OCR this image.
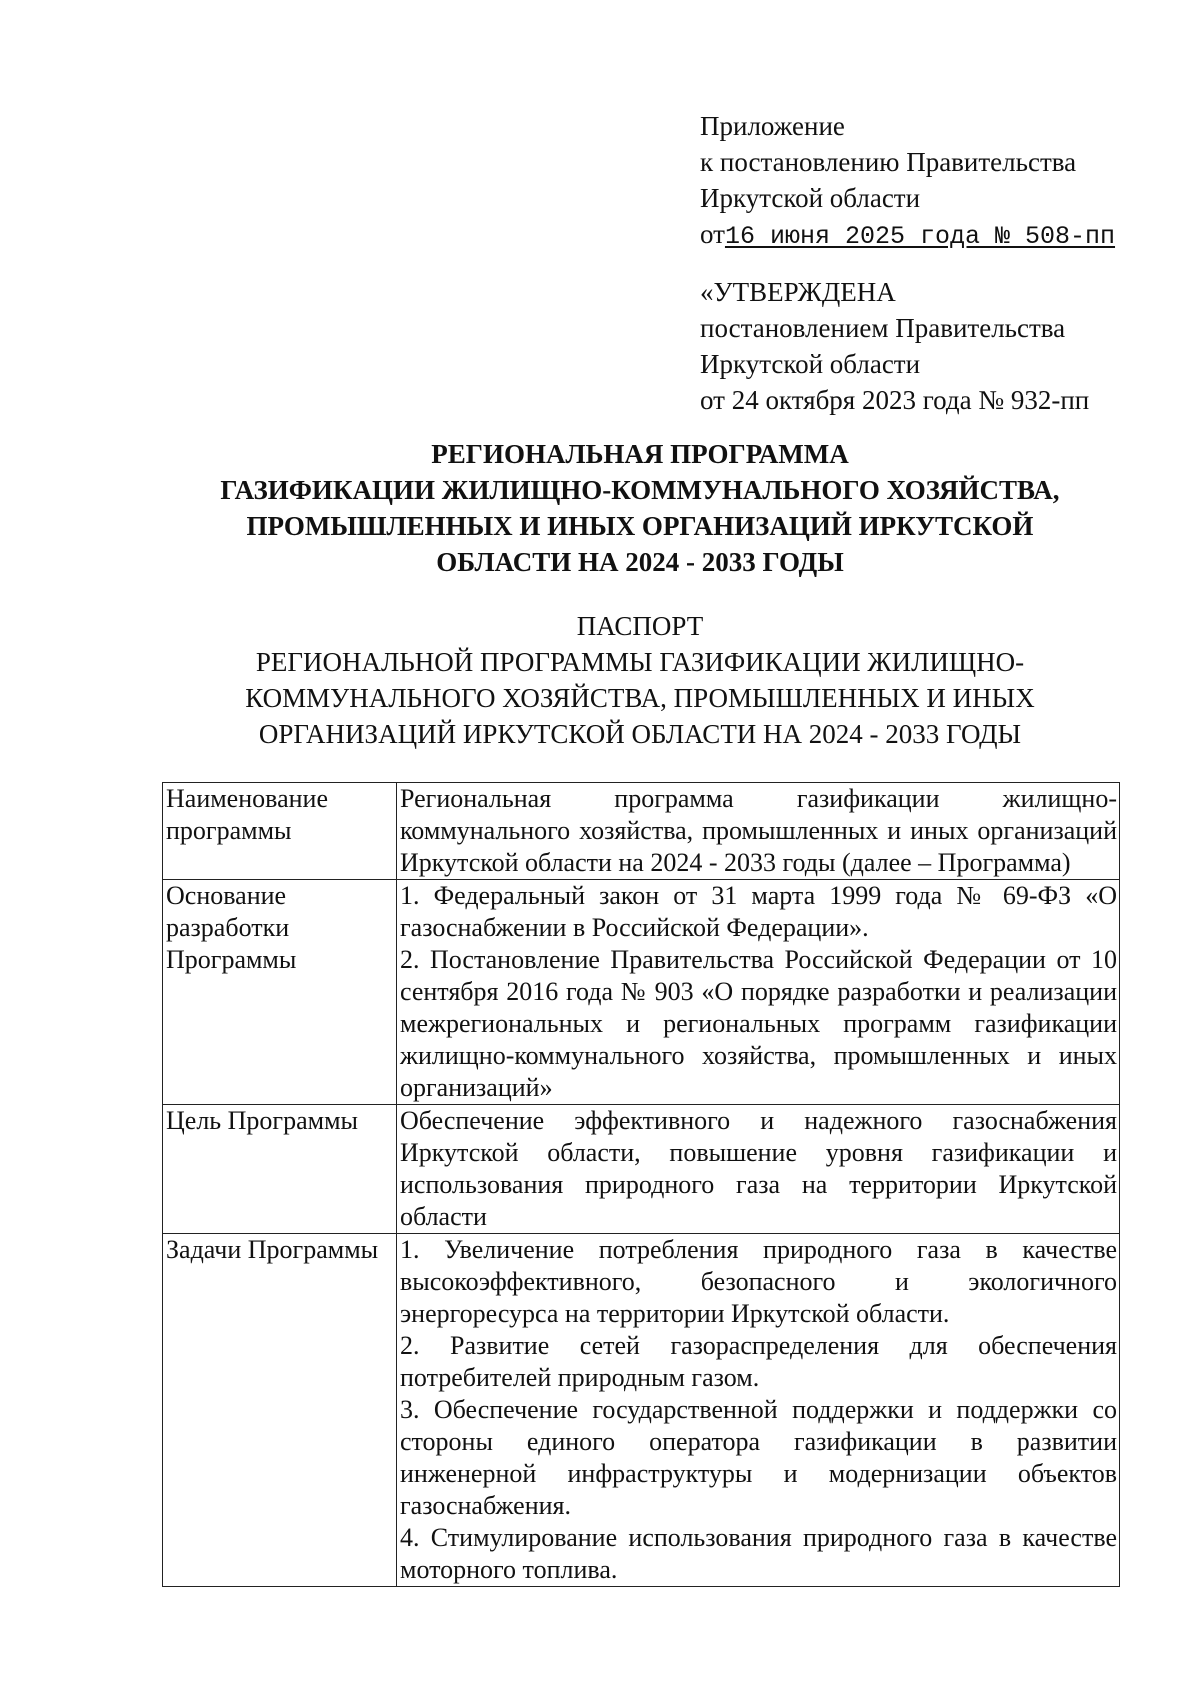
Приложение
к постановлению Правительства
Иркутской области
от16 июня 2025 года № 508-пп
«УТВЕРЖДЕНА
постановлением Правительства
Иркутской области
от 24 октября 2023 года № 932-пп
РЕГИОНАЛЬНАЯ ПРОГРАММА
ГАЗИФИКАЦИИ ЖИЛИЩНО-КОММУНАЛЬНОГО ХОЗЯЙСТВА,
ПРОМЫШЛЕННЫХ И ИНЫХ ОРГАНИЗАЦИЙ ИРКУТСКОЙ
ОБЛАСТИ НА 2024 - 2033 ГОДЫ
ПАСПОРТ
РЕГИОНАЛЬНОЙ ПРОГРАММЫ ГАЗИФИКАЦИИ ЖИЛИЩНО-
КОММУНАЛЬНОГО ХОЗЯЙСТВА, ПРОМЫШЛЕННЫХ И ИНЫХ
ОРГАНИЗАЦИЙ ИРКУТСКОЙ ОБЛАСТИ НА 2024 - 2033 ГОДЫ
Наименование программы	Региональная программа газификации жилищно-коммунального хозяйства, промышленных и иных организаций Иркутской области на 2024 - 2033 годы (далее – Программа)

Основание разработки Программы	1. Федеральный закон от 31 марта 1999 года № 69-ФЗ «О газоснабжении в Российской Федерации».
2. Постановление Правительства Российской Федерации от 10 сентября 2016 года № 903 «О порядке разработки и реализации межрегиональных и региональных программ газификации жилищно-коммунального хозяйства, промышленных и иных организаций»

Цель Программы	Обеспечение эффективного и надежного газоснабжения Иркутской области, повышение уровня газификации и использования природного газа на территории Иркутской области

Задачи Программы	1. Увеличение потребления природного газа в качестве высокоэффективного, безопасного и экологичного энергоресурса на территории Иркутской области.
2. Развитие сетей газораспределения для обеспечения потребителей природным газом.
3. Обеспечение государственной поддержки и поддержки со стороны единого оператора газификации в развитии инженерной инфраструктуры и модернизации объектов газоснабжения.
4. Стимулирование использования природного газа в качестве моторного топлива.
